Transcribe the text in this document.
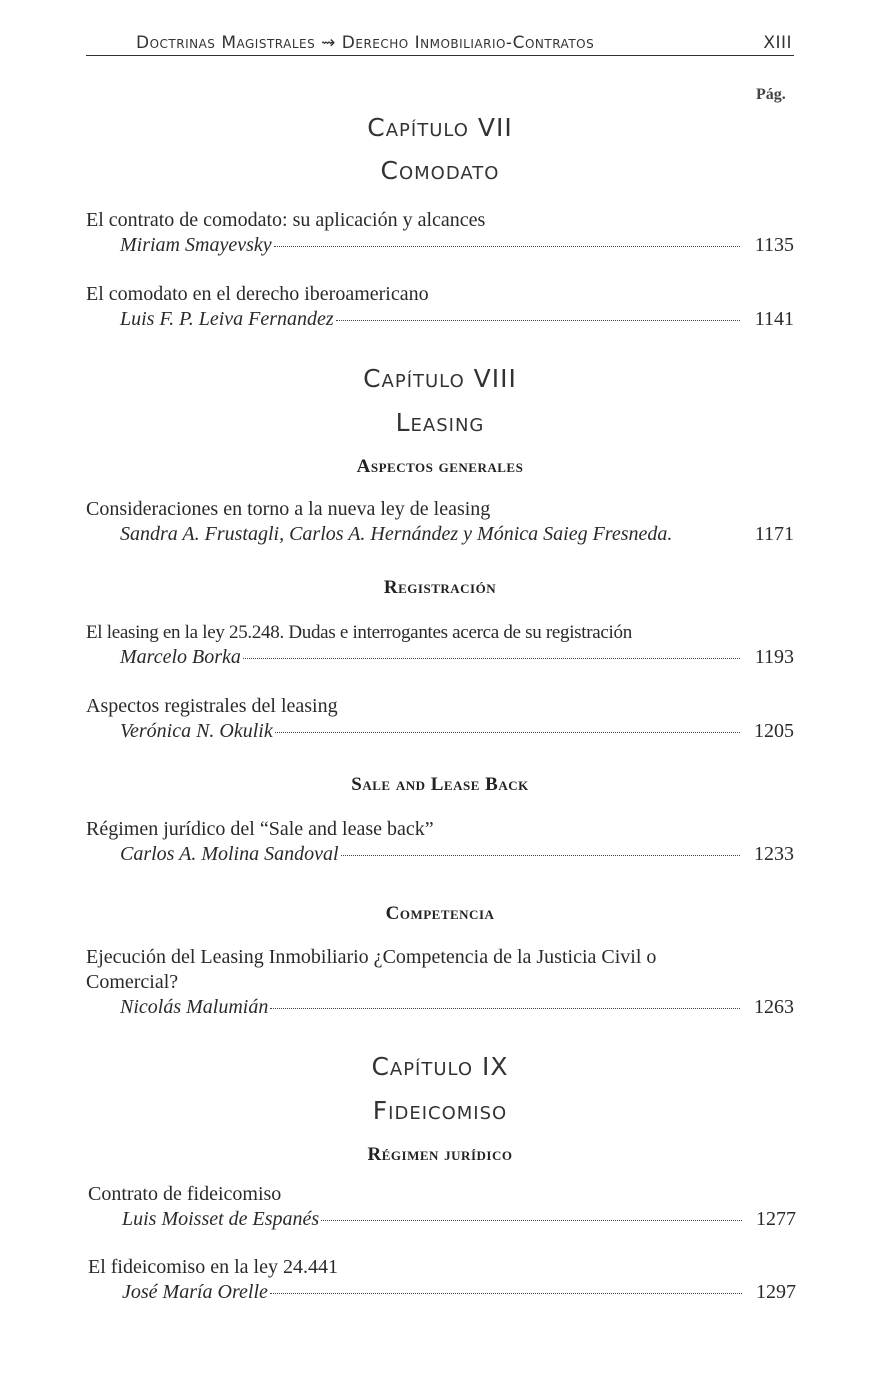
Doctrinas Magistrales ⇝ Derecho Inmobiliario-Contratos	XIII
Pág.
Capítulo VII
Comodato
El contrato de comodato: su aplicación y alcances
Miriam Smayevsky	1135
El comodato en el derecho iberoamericano
Luis F. P. Leiva Fernandez	1141
Capítulo VIII
Leasing
Aspectos generales
Consideraciones en torno a la nueva ley de leasing
Sandra A. Frustagli, Carlos A. Hernández y Mónica Saieg Fresneda.	1171
Registración
El leasing en la ley 25.248. Dudas e interrogantes acerca de su registración
Marcelo Borka	1193
Aspectos registrales del leasing
Verónica N. Okulik	1205
Sale and Lease Back
Régimen jurídico del “Sale and lease back”
Carlos A. Molina Sandoval	1233
Competencia
Ejecución del Leasing Inmobiliario ¿Competencia de la Justicia Civil o Comercial?
Nicolás Malumián	1263
Capítulo IX
Fideicomiso
Régimen jurídico
Contrato de fideicomiso
Luis Moisset de Espanés	1277
El fideicomiso en la ley 24.441
José María Orelle	1297
